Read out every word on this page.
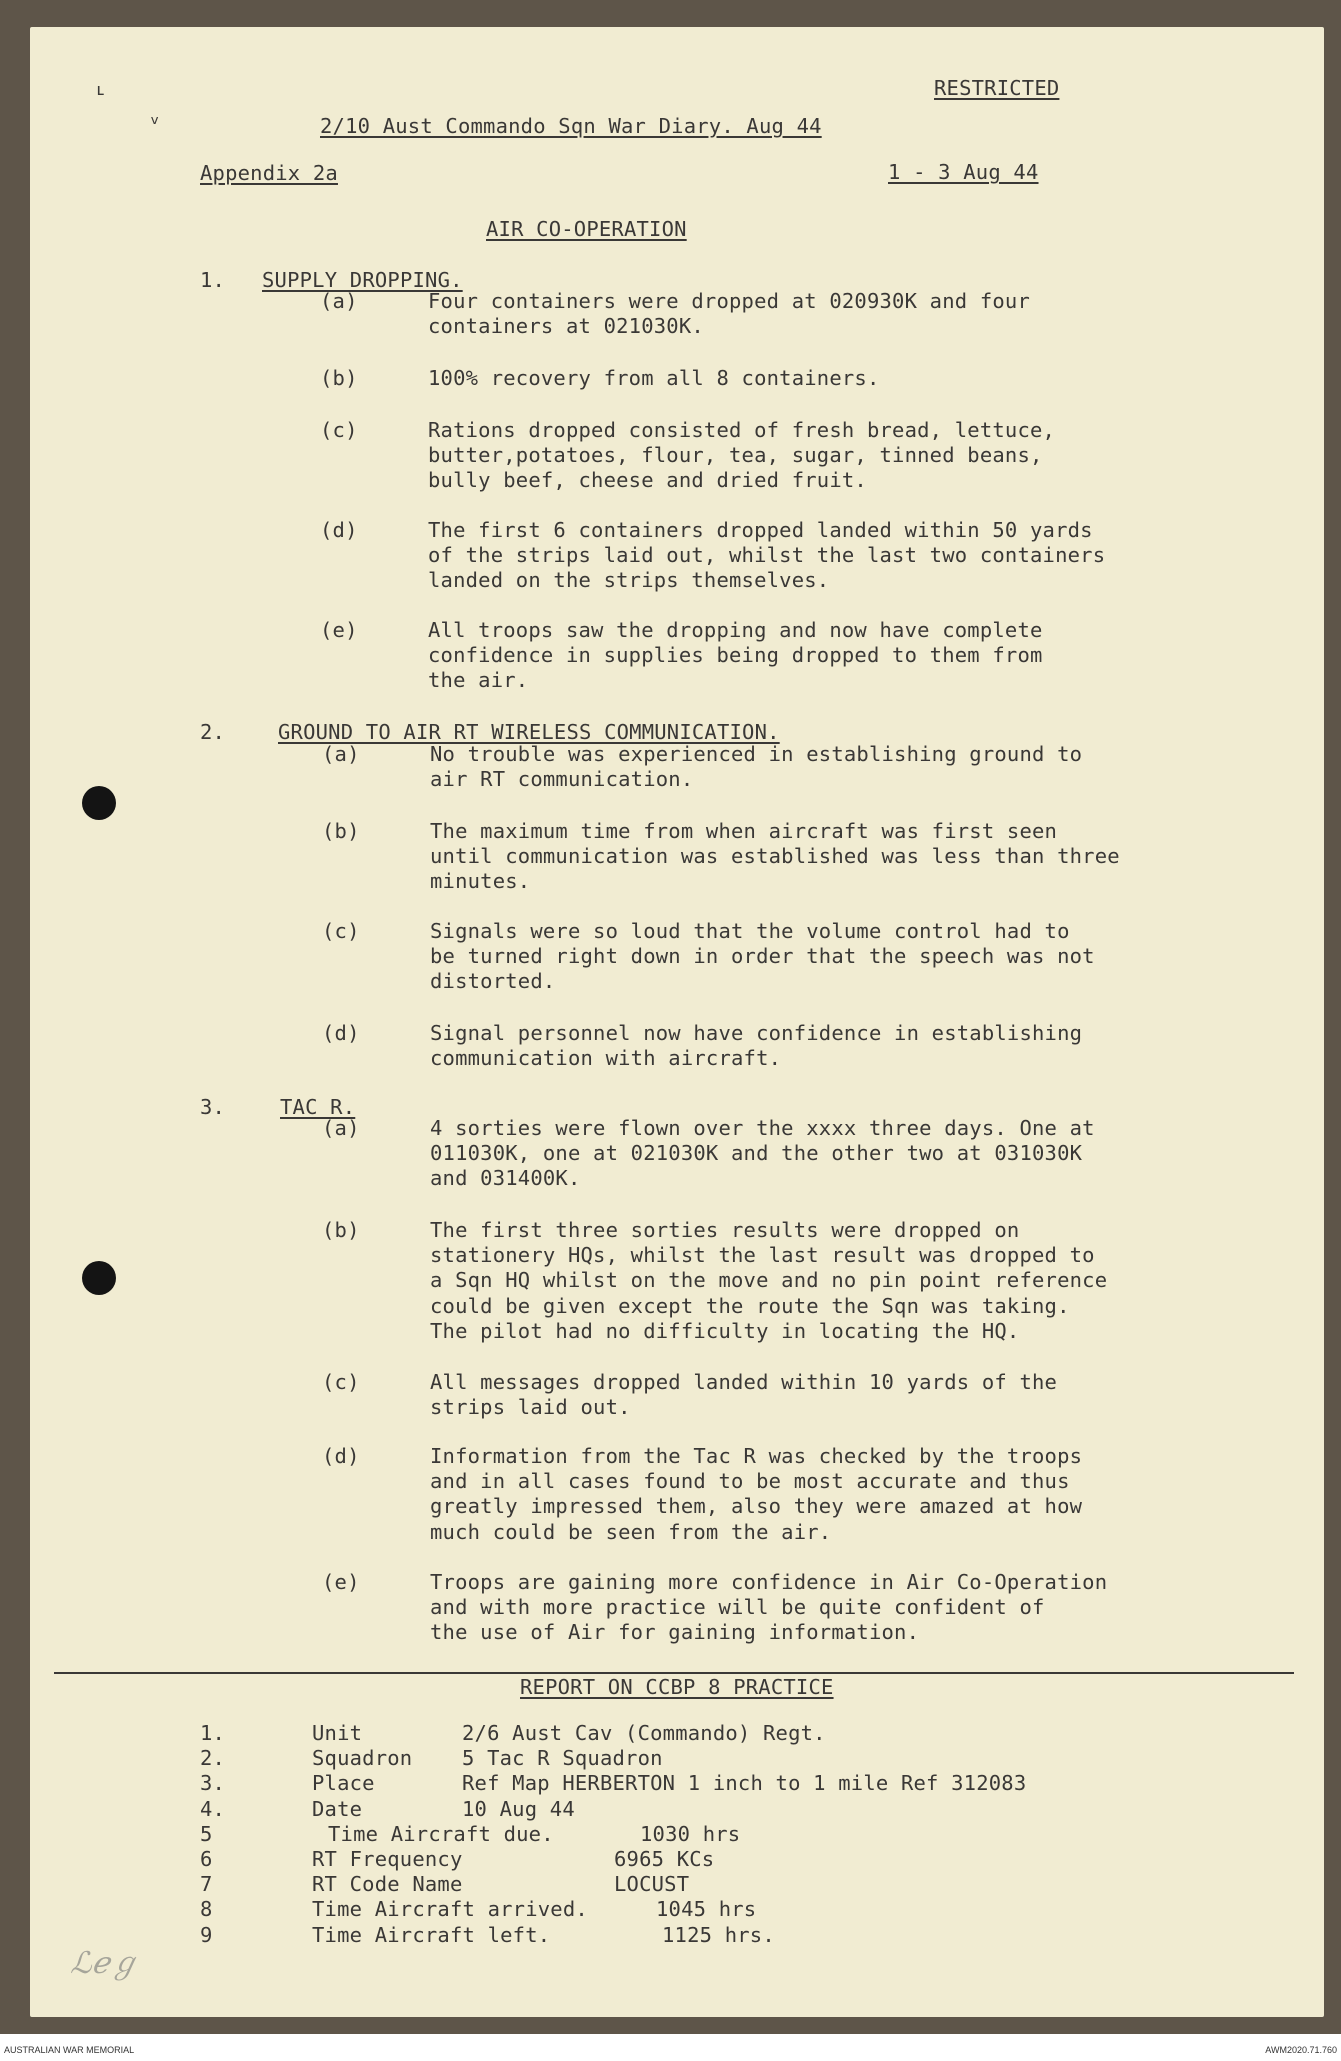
ʟ
ᵛ
ℒℯℊ
RESTRICTED
2/10 Aust Commando Sqn War Diary. Aug 44
Appendix 2a	1 - 3 Aug 44
AIR CO-OPERATION
1. SUPPLY DROPPING.
(a)	Four containers were dropped at 020930K and four
containers at 021030K.
(b)	100% recovery from all 8 containers.
(c)	Rations dropped consisted of fresh bread, lettuce,
butter,potatoes, flour, tea, sugar, tinned beans,
bully beef, cheese and dried fruit.
(d)	The first 6 containers dropped landed within 50 yards
of the strips laid out, whilst the last two containers
landed on the strips themselves.
(e)	All troops saw the dropping and now have complete
confidence in supplies being dropped to them from
the air.
2.	GROUND TO AIR RT WIRELESS COMMUNICATION.
(a)	No trouble was experienced in establishing ground to
air RT communication.
(b)	The maximum time from when aircraft was first seen
until communication was established was less than three
minutes.
(c)	Signals were so loud that the volume control had to
be turned right down in order that the speech was not
distorted.
(d)	Signal personnel now have confidence in establishing
communication with aircraft.
3.	TAC R.
(a)	4 sorties were flown over the xxxx three days. One at
011030K, one at 021030K and the other two at 031030K
and 031400K.
(b)	The first three sorties results were dropped on
stationery HQs, whilst the last result was dropped to
a Sqn HQ whilst on the move and no pin point reference
could be given except the route the Sqn was taking.
The pilot had no difficulty in locating the HQ.
(c)	All messages dropped landed within 10 yards of the
strips laid out.
(d)	Information from the Tac R was checked by the troops
and in all cases found to be most accurate and thus
greatly impressed them, also they were amazed at how
much could be seen from the air.
(e)	Troops are gaining more confidence in Air Co-Operation
and with more practice will be quite confident of
the use of Air for gaining information.
REPORT ON CCBP 8 PRACTICE
1.	Unit	2/6 Aust Cav (Commando) Regt.
2.	Squadron 5 Tac R Squadron
3.	Place	Ref Map HERBERTON 1 inch to 1 mile Ref 312083
4.	Date	10 Aug 44
5	Time Aircraft due.	1030 hrs
6	RT Frequency	6965 KCs
7	RT Code Name	LOCUST
8	Time Aircraft arrived.	1045 hrs
9	Time Aircraft left.	1125 hrs.
AUSTRALIAN WAR MEMORIAL	AWM2020.71.760
